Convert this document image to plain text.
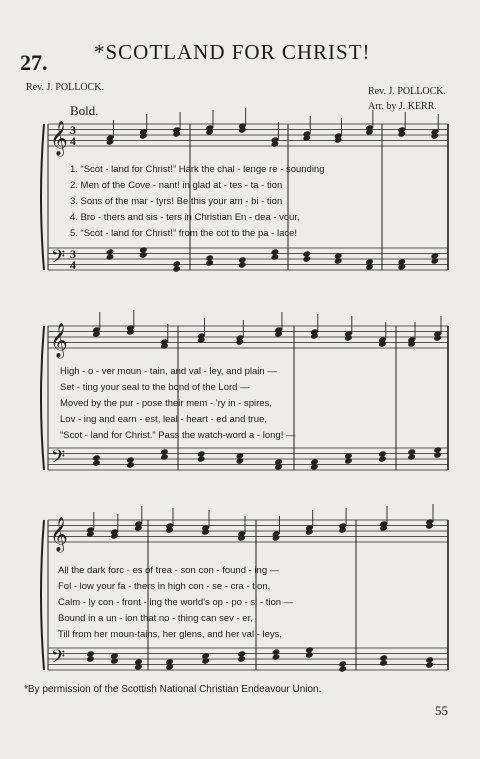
27. *SCOTLAND FOR CHRIST!
Rev. J. POLLOCK.	Rev. J. POLLOCK.
Arr. by J. KERR.
Bold.
𝄞
𝄢
3
3
4
4
𝄞
𝄢
𝄞
𝄢
1. “Scot - land for Christ!” Hark the chal - lenge re - sounding
2. Men of the Cove - nant! in glad at - tes - ta - tion
3. Sons of the mar - tyrs! Be this your am - bi - tion
4. Bro - thers and sis - ters in Christian En - dea - vour,
5. “Scot - land for Christ!” from the cot to the pa - lace!
High - o - ver moun - tain, and val - ley, and plain ―
Set - ting your seal to the bond of the Lord ―
Moved by the pur - pose their mem - 'ry in - spires,
Lov - ing and earn - est, leal - heart - ed and true,
“Scot - land for Christ.” Pass the watch-word a - long! ―
All the dark forc - es of trea - son con - found - ing ―
Fol - low your fa - thers in high con - se - cra - tion,
Calm - ly con - front - ing the world's op - po - si - tion ―
Bound in a un - ion that no - thing can sev - er,
Till from her moun-tains, her glens, and her val - leys,
*By permission of the Scottish National Christian Endeavour Union.
55
